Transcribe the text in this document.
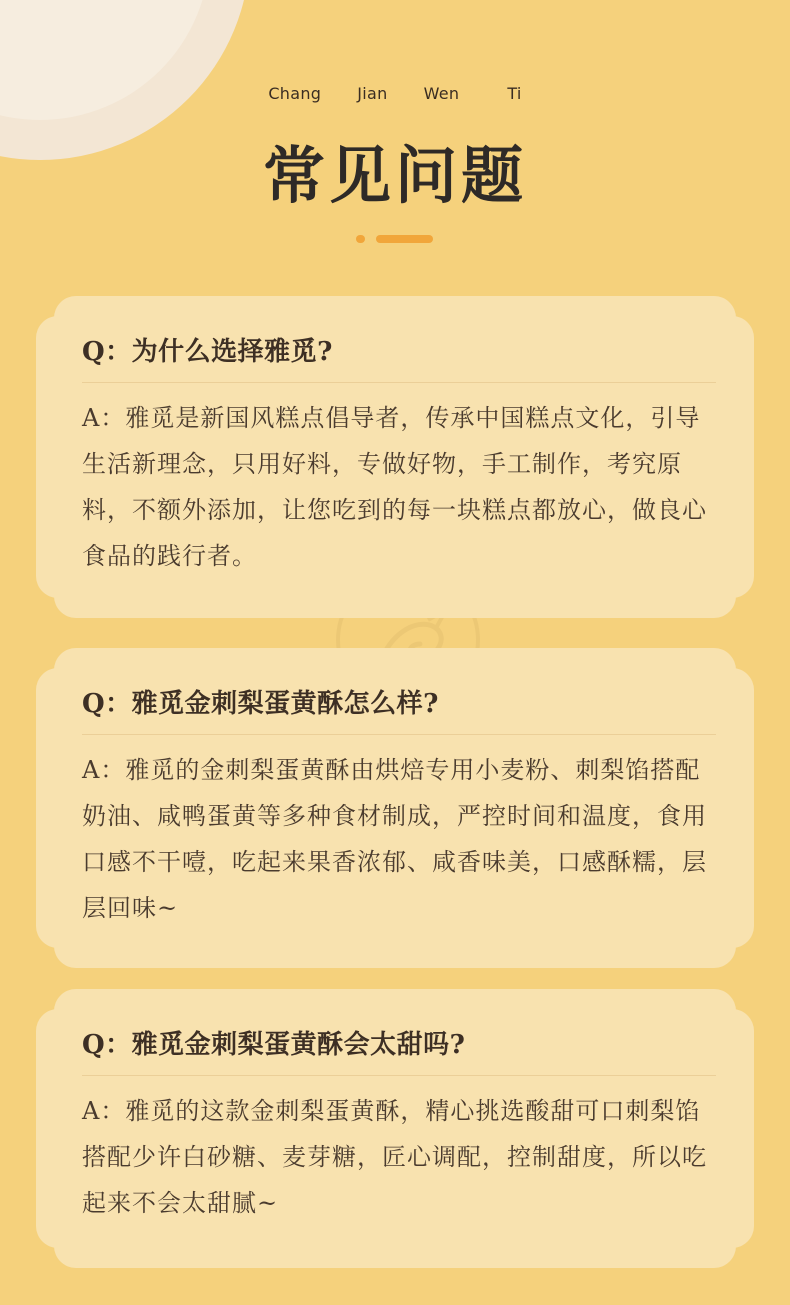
Chang Jian Wen	Ti
常见问题
Q：为什么选择雅觅?
A：雅觅是新国风糕点倡导者，传承中国糕点文化，引导生活新理念，只用好料，专做好物，手工制作，考究原料，不额外添加，让您吃到的每一块糕点都放心，做良心食品的践行者。
Q：雅觅金刺梨蛋黄酥怎么样?
A：雅觅的金刺梨蛋黄酥由烘焙专用小麦粉、刺梨馅搭配奶油、咸鸭蛋黄等多种食材制成，严控时间和温度，食用口感不干噎，吃起来果香浓郁、咸香味美，口感酥糯，层层回味~
Q：雅觅金刺梨蛋黄酥会太甜吗?
A：雅觅的这款金刺梨蛋黄酥，精心挑选酸甜可口刺梨馅搭配少许白砂糖、麦芽糖，匠心调配，控制甜度，所以吃起来不会太甜腻~
